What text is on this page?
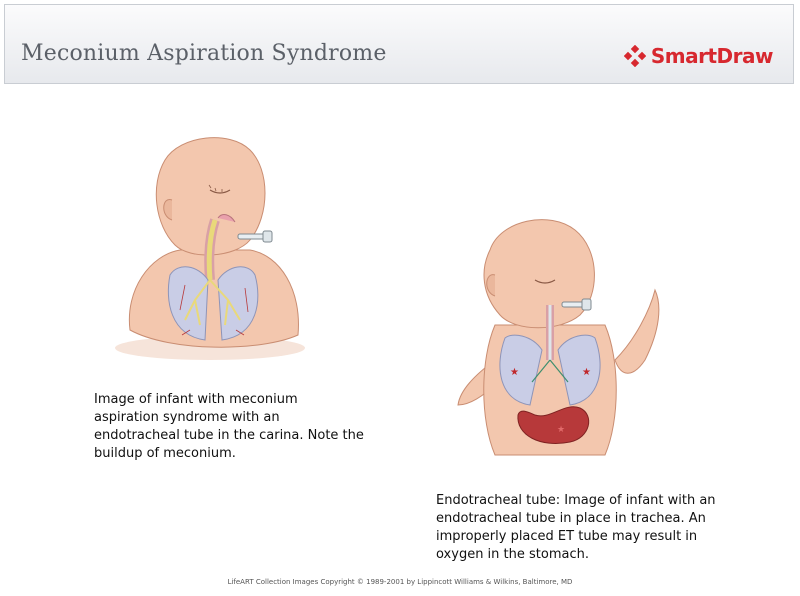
Meconium Aspiration Syndrome	SmartDraw
★	★
★
Image of infant with meconium aspiration syndrome with an endotracheal tube in the carina. Note the buildup of meconium.
Endotracheal tube: Image of infant with an endotracheal tube in place in trachea. An improperly placed ET tube may result in oxygen in the stomach.
LifeART Collection Images Copyright © 1989-2001 by Lippincott Williams & Wilkins, Baltimore, MD
